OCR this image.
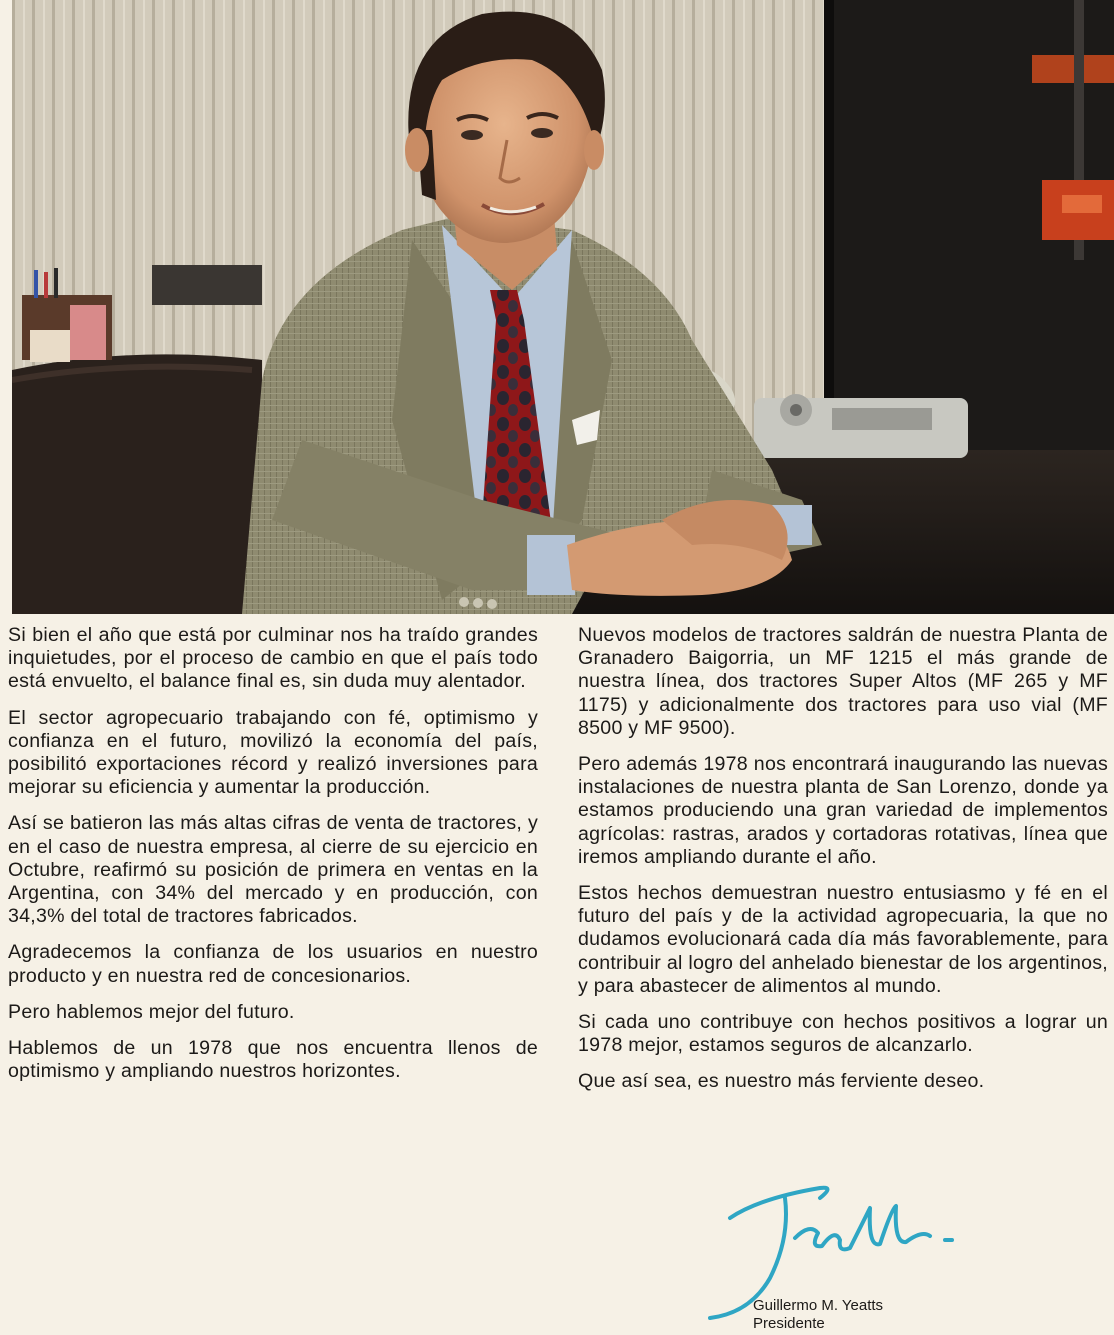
Si bien el año que está por culminar nos ha traído grandes inquietudes, por el proceso de cambio en que el país todo está envuelto, el balance final es, sin duda muy alentador.

El sector agropecuario trabajando con fé, optimismo y confianza en el futuro, movilizó la economía del país, posibilitó exportaciones récord y realizó inversiones para mejorar su eficiencia y aumentar la producción.

Así se batieron las más altas cifras de venta de tractores, y en el caso de nuestra empresa, al cierre de su ejercicio en Octubre, reafirmó su posición de primera en ventas en la Argentina, con 34% del mercado y en producción, con 34,3% del total de tractores fabricados.

Agradecemos la confianza de los usuarios en nuestro producto y en nuestra red de concesionarios.

Pero hablemos mejor del futuro.

Hablemos de un 1978 que nos encuentra llenos de optimismo y ampliando nuestros horizontes.

Nuevos modelos de tractores saldrán de nuestra Planta de Granadero Baigorria, un MF 1215 el más grande de nuestra línea, dos tractores Super Altos (MF 265 y MF 1175) y adicionalmente dos tractores para uso vial (MF 8500 y MF 9500).

Pero además 1978 nos encontrará inaugurando las nuevas instalaciones de nuestra planta de San Lorenzo, donde ya estamos produciendo una gran variedad de implementos agrícolas: rastras, arados y cortadoras rotativas, línea que iremos ampliando durante el año.

Estos hechos demuestran nuestro entusiasmo y fé en el futuro del país y de la actividad agropecuaria, la que no dudamos evolucionará cada día más favorablemente, para contribuir al logro del anhelado bienestar de los argentinos, y para abastecer de alimentos al mundo.

Si cada uno contribuye con hechos positivos a lograr un 1978 mejor, estamos seguros de alcanzarlo.

Que así sea, es nuestro más ferviente deseo.

Guillermo M. Yeatts
Presidente
